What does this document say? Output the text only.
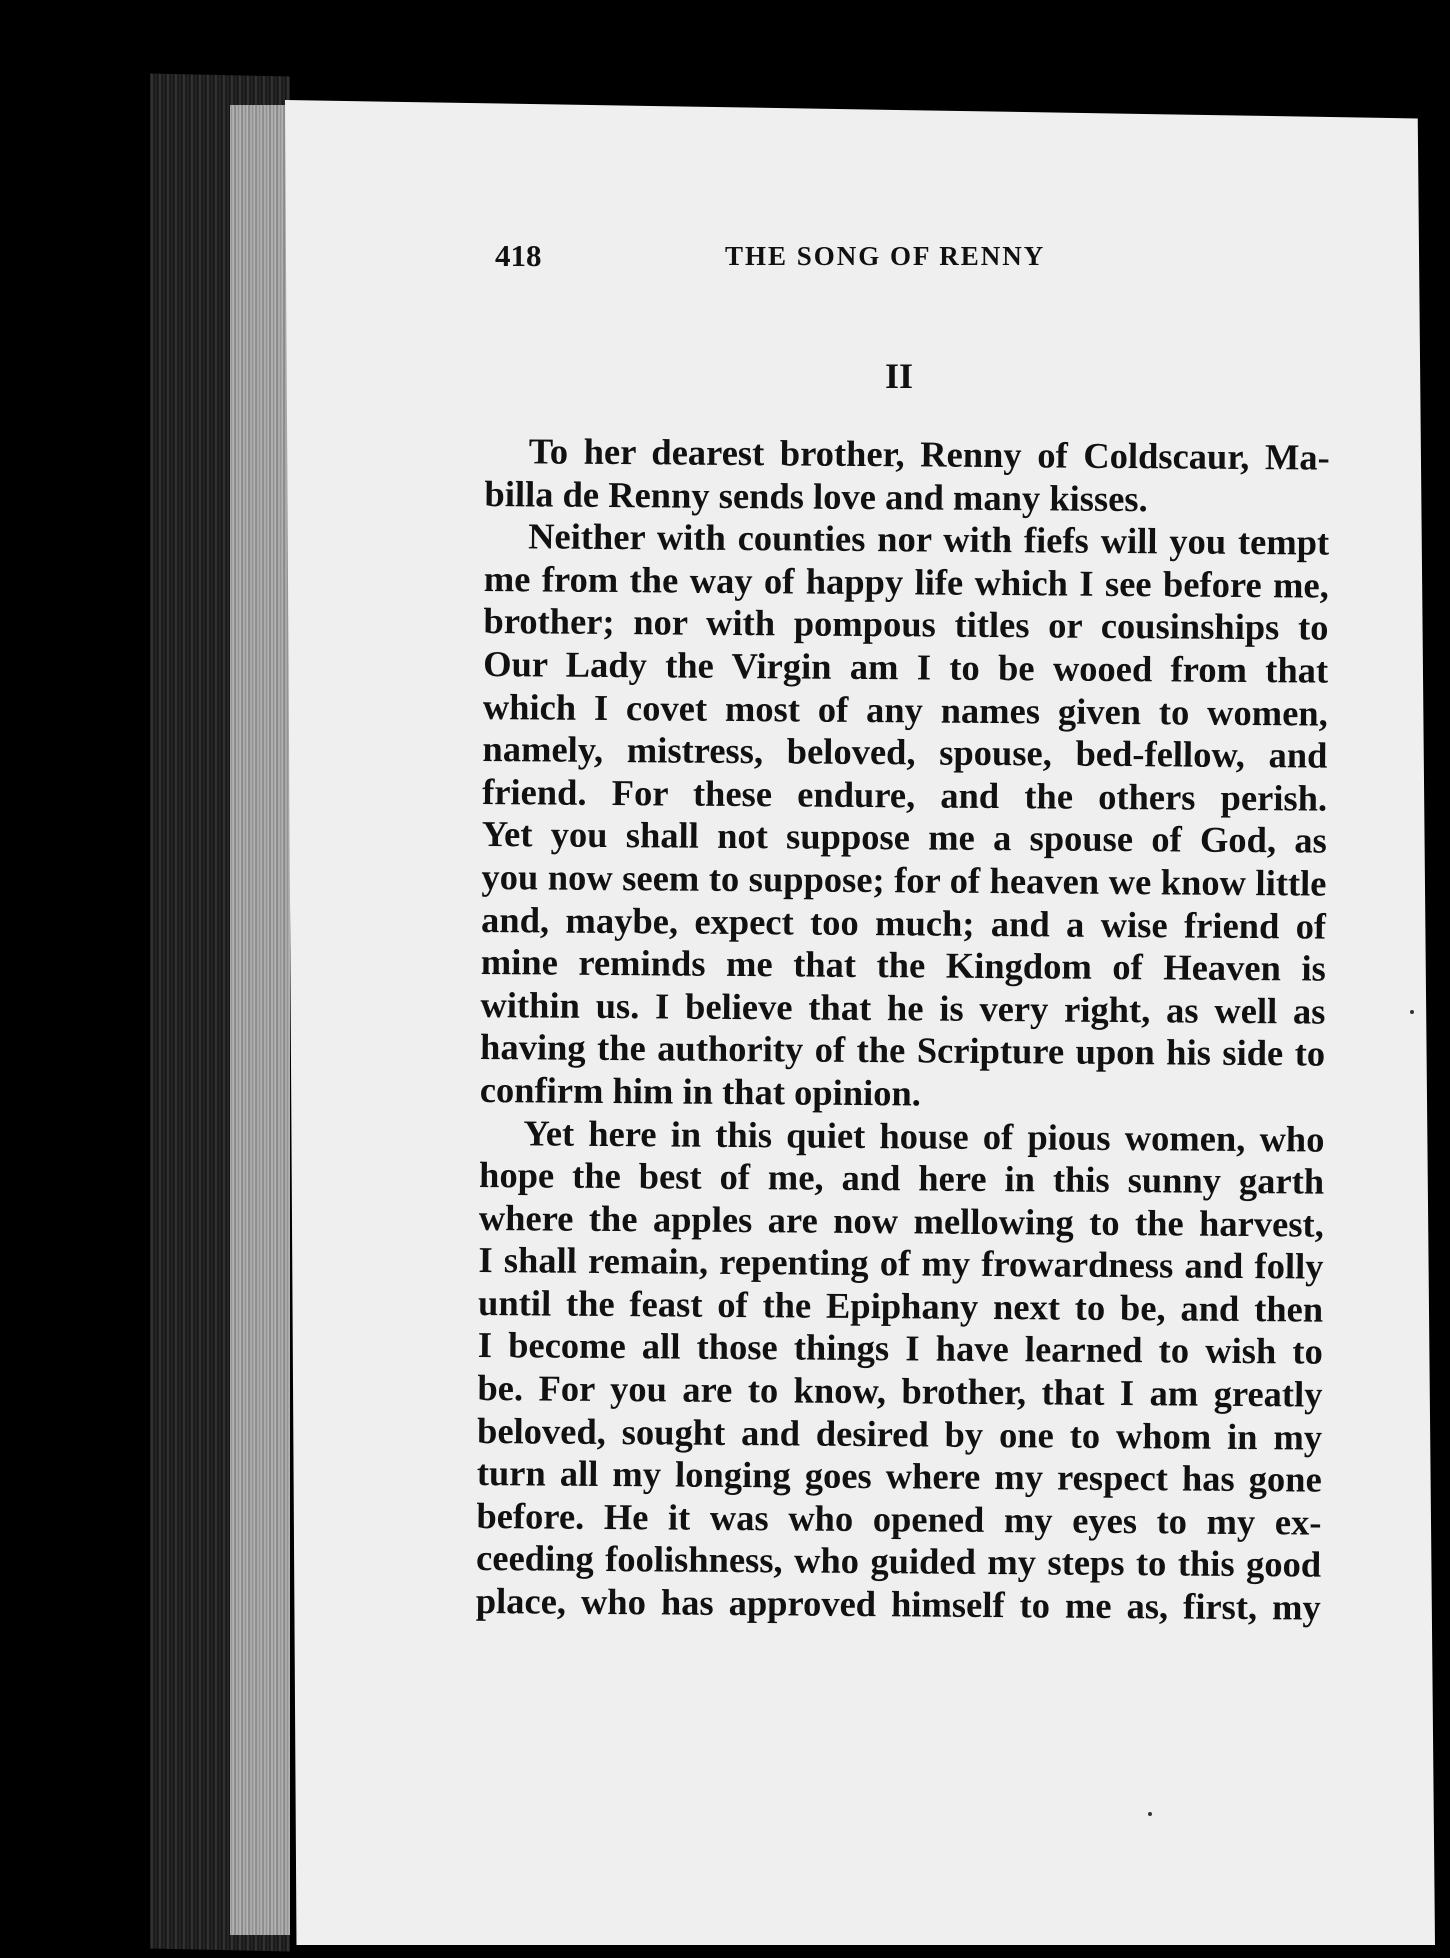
418	THE SONG OF RENNY
II
To her dearest brother, Renny of Coldscaur, Ma-
billa de Renny sends love and many kisses.
Neither with counties nor with fiefs will you tempt
me from the way of happy life which I see before me,
brother; nor with pompous titles or cousinships to
Our Lady the Virgin am I to be wooed from that
which I covet most of any names given to women,
namely, mistress, beloved, spouse, bed-fellow, and
friend. For these endure, and the others perish.
Yet you shall not suppose me a spouse of God, as
you now seem to suppose; for of heaven we know little
and, maybe, expect too much; and a wise friend of
mine reminds me that the Kingdom of Heaven is
within us. I believe that he is very right, as well as
having the authority of the Scripture upon his side to
confirm him in that opinion.
Yet here in this quiet house of pious women, who
hope the best of me, and here in this sunny garth
where the apples are now mellowing to the harvest,
I shall remain, repenting of my frowardness and folly
until the feast of the Epiphany next to be, and then
I become all those things I have learned to wish to
be. For you are to know, brother, that I am greatly
beloved, sought and desired by one to whom in my
turn all my longing goes where my respect has gone
before. He it was who opened my eyes to my ex-
ceeding foolishness, who guided my steps to this good
place, who has approved himself to me as, first, my
